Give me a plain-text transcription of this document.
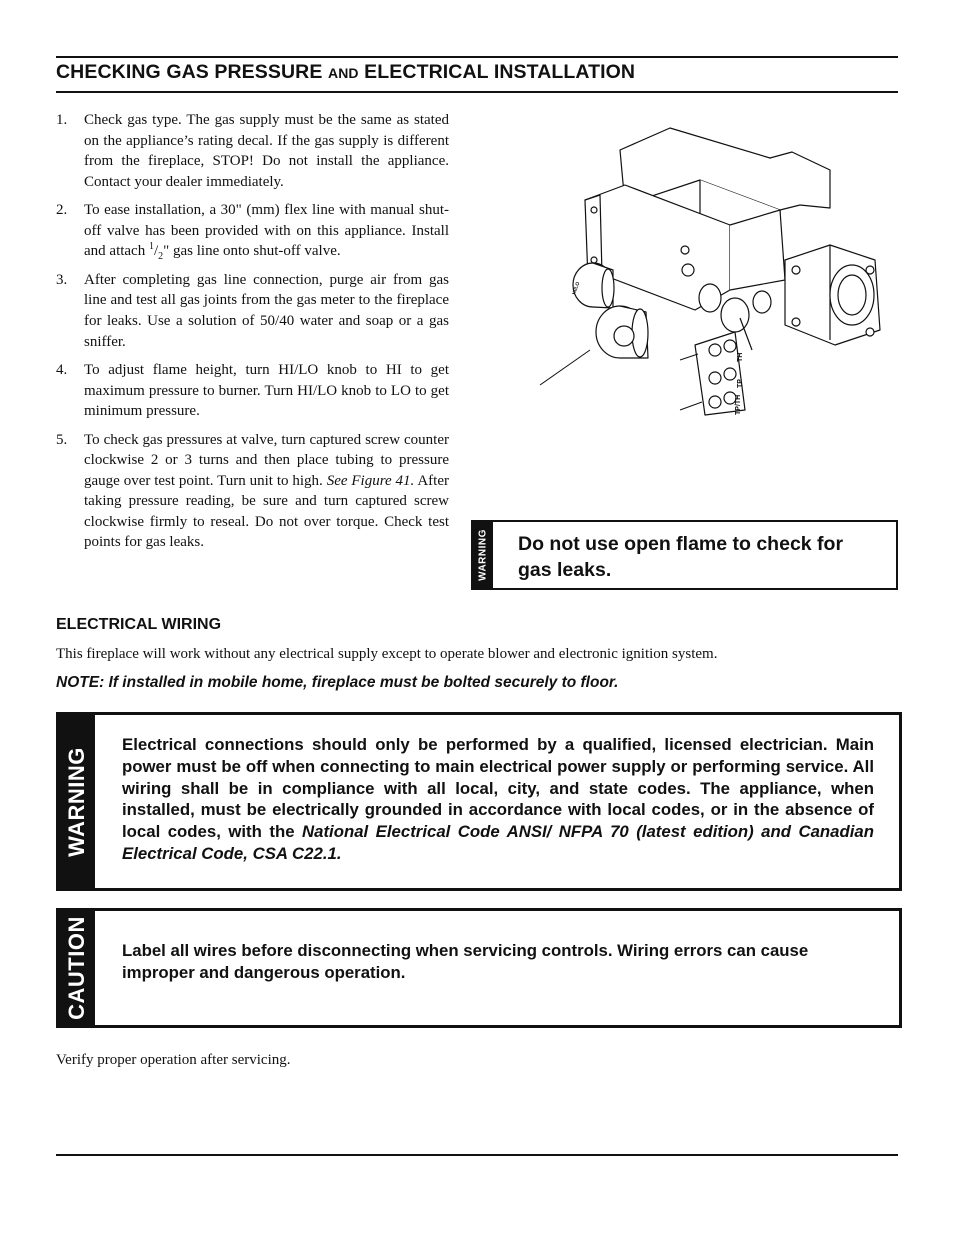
CHECKING GAS PRESSURE AND ELECTRICAL INSTALLATION
1. Check gas type. The gas supply must be the same as stated on the appliance’s rating decal. If the gas supply is different from the fireplace, STOP! Do not install the appliance. Contact your dealer immediately.
2. To ease installation, a 30" (mm) flex line with manual shut-off valve has been provided with on this appliance. Install and attach $^1/_2$" gas line onto shut-off valve.
3. After completing gas line connection, purge air from gas line and test all gas joints from the gas meter to the fireplace for leaks. Use a solution of 50/40 water and soap or a gas sniffer.
4. To adjust flame height, turn HI/LO knob to HI to get maximum pressure to burner. Turn HI/LO knob to LO to get minimum pressure.
5. To check gas pressures at valve, turn captured screw counter clockwise 2 or 3 turns and then place tubing to pressure gauge over test point. Turn unit to high. See Figure 41. After taking pressure reading, be sure and turn captured screw clockwise firmly to reseal. Do not over torque. Check test points for gas leaks.
TH
TP
TP/TH
HI/LO
WARNING Do not use open flame to check for gas leaks.
ELECTRICAL WIRING
This fireplace will work without any electrical supply except to operate blower and electronic ignition system.
NOTE: If installed in mobile home, fireplace must be bolted securely to floor.
WARNING
Electrical connections should only be performed by a qualified, licensed electrician. Main power must be off when connecting to main electrical power supply or performing service. All wiring shall be in compliance with all local, city, and state codes. The appliance, when installed, must be electrically grounded in accordance with local codes, or in the absence of local codes, with the National Electrical Code ANSI/ NFPA 70 (latest edition) and Canadian Electrical Code, CSA C22.1.
CAUTION Label all wires before disconnecting when servicing controls. Wiring errors can cause improper and dangerous operation.
Verify proper operation after servicing.
